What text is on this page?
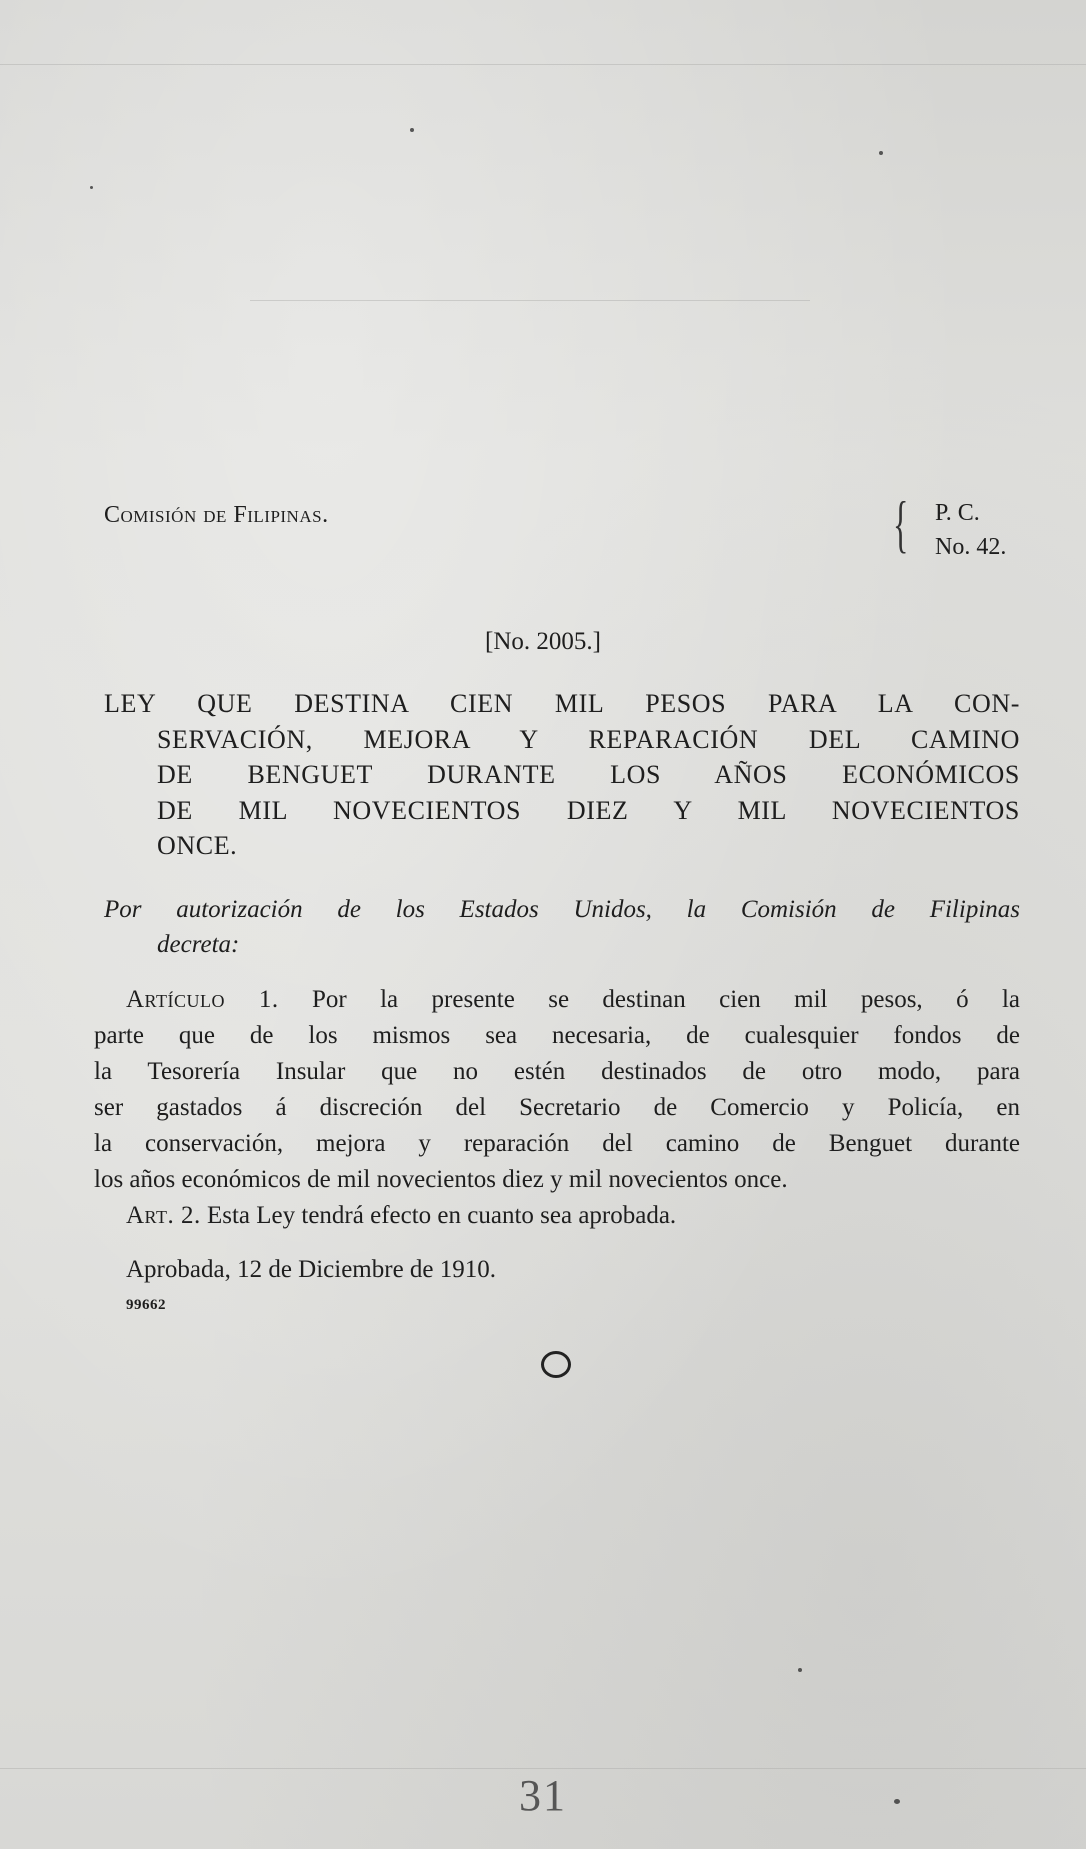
Comisión de Filipinas.	{ P. C.
No. 42.
[No. 2005.]
LEY QUE DESTINA CIEN MIL PESOS PARA LA CON-
SERVACIÓN, MEJORA Y REPARACIÓN DEL CAMINO
DE BENGUET DURANTE LOS AÑOS ECONÓMICOS
DE MIL NOVECIENTOS DIEZ Y MIL NOVECIENTOS
ONCE.
Por autorización de los Estados Unidos, la Comisión de Filipinas
decreta:
Artículo 1. Por la presente se destinan cien mil pesos, ó la
parte que de los mismos sea necesaria, de cualesquier fondos de
la Tesorería Insular que no estén destinados de otro modo, para
ser gastados á discreción del Secretario de Comercio y Policía, en
la conservación, mejora y reparación del camino de Benguet durante
los años económicos de mil novecientos diez y mil novecientos once.
Art. 2. Esta Ley tendrá efecto en cuanto sea aprobada.
Aprobada, 12 de Diciembre de 1910.
99662
31
